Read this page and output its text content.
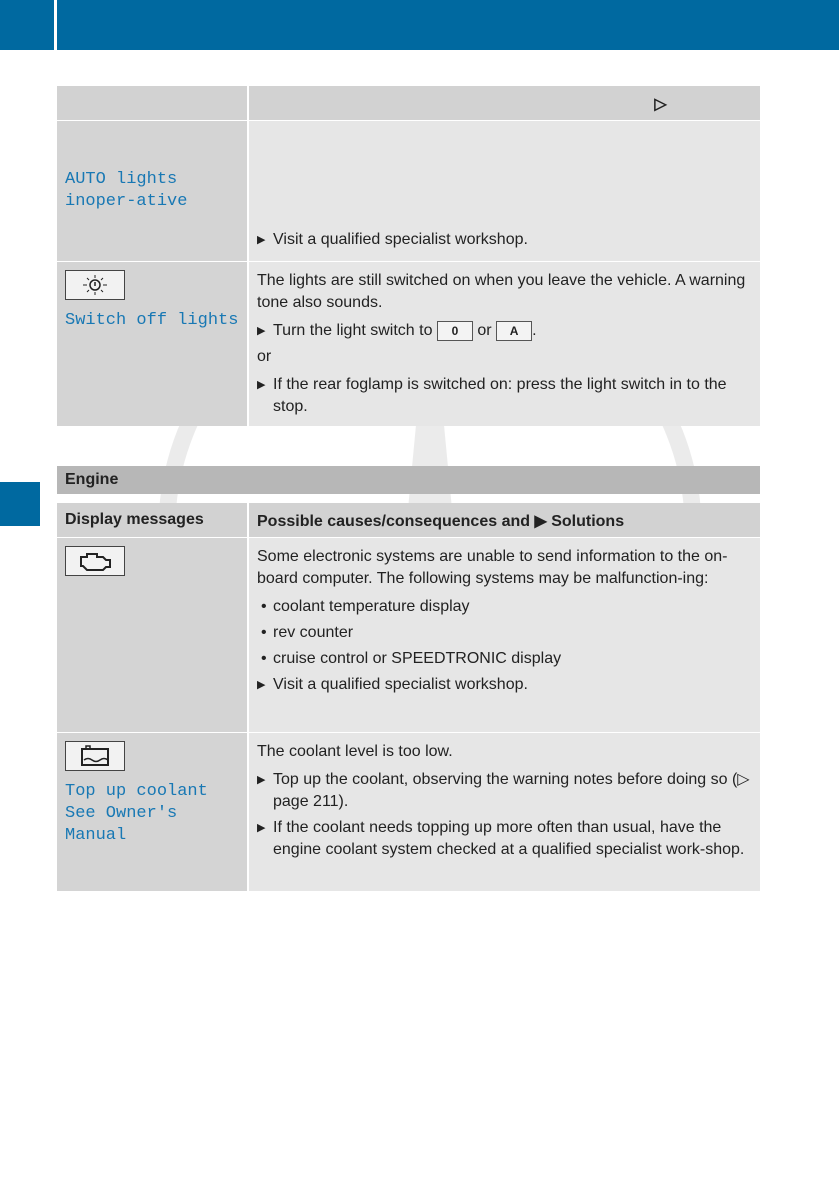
▷
AUTO lights inoper-ative
▶ Visit a qualified specialist workshop.
Switch off lights

The lights are still switched on when you leave the vehicle. A warning tone also sounds.

▶ Turn the light switch to 0 or A .

or

▶ If the rear foglamp is switched on: press the light switch in to the stop.
Engine
Display messages	Possible causes/consequences and ▶ Solutions

Some electronic systems are unable to send information to the on-board computer. The following systems may be malfunction-ing:

• coolant temperature display
• rev counter
• cruise control or SPEEDTRONIC display
▶ Visit a qualified specialist workshop.
Top up coolant See Owner's Manual

The coolant level is too low.

▶ Top up the coolant, observing the warning notes before doing so (▷ page 211).
▶ If the coolant needs topping up more often than usual, have the engine coolant system checked at a qualified specialist work-shop.
